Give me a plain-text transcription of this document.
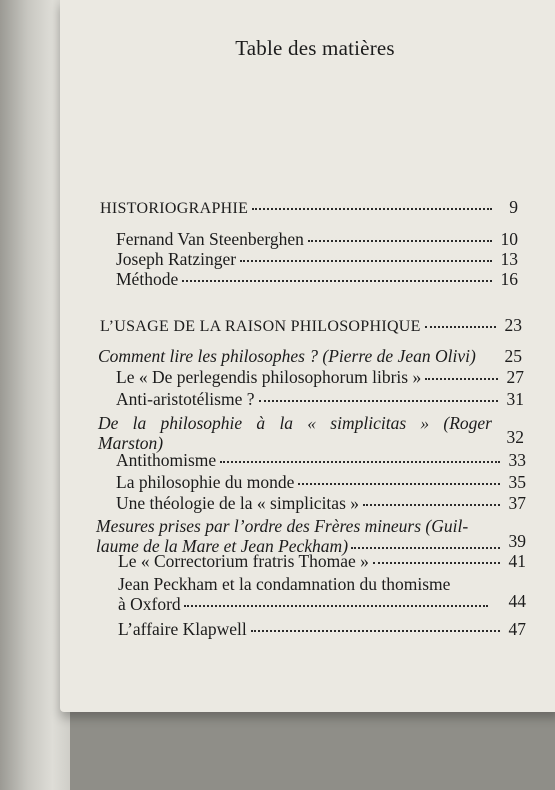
Table des matières
HISTORIOGRAPHIE	9
Fernand Van Steenberghen	10
Joseph Ratzinger	13
Méthode	16
L’USAGE DE LA RAISON PHILOSOPHIQUE	23
Comment lire les philosophes ? (Pierre de Jean Olivi) 25
Le « De perlegendis philosophorum libris »	27
Anti-aristotélisme ?	31
De la philosophie à la « simplicitas » (Roger
Marston)	32
Antithomisme	33
La philosophie du monde	35
Une théologie de la « simplicitas »	37
Mesures prises par l’ordre des Frères mineurs (Guil-
laume de la Mare et Jean Peckham)	39
Le « Correctorium fratris Thomae »	41
Jean Peckham et la condamnation du thomisme
à Oxford	44
L’affaire Klapwell	47
